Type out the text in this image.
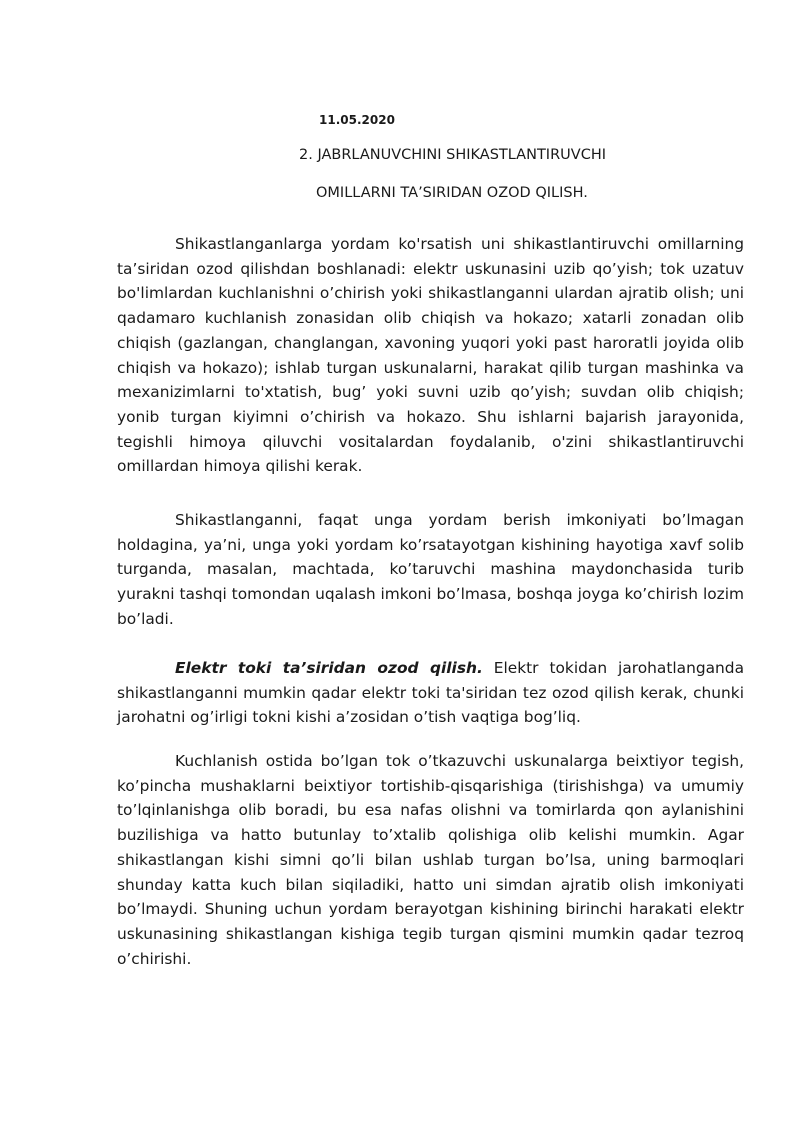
11.05.2020
2. JABRLANUVCHINI SHIKASTLANTIRUVCHI
OMILLARNI TA’SIRIDAN OZOD QILISH.

Shikastlanganlarga yordam ko'rsatish uni shikastlantiruvchi omillarning ta’siridan ozod qilishdan boshlanadi: elektr uskunasini uzib qo’yish; tok uzatuv bo'limlardan kuchlanishni o’chirish yoki shikastlanganni ulardan ajratib olish; uni qadamaro kuchlanish zonasidan olib chiqish va hokazo; xatarli zonadan olib chiqish (gazlangan, changlangan, xavoning yuqori yoki past haroratli joyida olib chiqish va hokazo); ishlab turgan uskunalarni, harakat qilib turgan mashinka va mexanizimlarni to'xtatish, bug’ yoki suvni uzib qo’yish; suvdan olib chiqish; yonib turgan kiyimni o’chirish va hokazo. Shu ishlarni bajarish jarayonida, tegishli himoya qiluvchi vositalardan foydalanib, o'zini shikastlantiruvchi omillardan himoya qilishi kerak.

Shikastlanganni, faqat unga yordam berish imkoniyati bo’lmagan holdagina, ya’ni, unga yoki yordam ko’rsatayotgan kishining hayotiga xavf solib turganda, masalan, machtada, ko’taruvchi mashina maydonchasida turib yurakni tashqi tomondan uqalash imkoni bo’lmasa, boshqa joyga ko’chirish lozim bo’ladi.

Elektr toki ta’siridan ozod qilish. Elektr tokidan jarohatlanganda shikastlanganni mumkin qadar elektr toki ta'siridan tez ozod qilish kerak, chunki jarohatni og’irligi tokni kishi a’zosidan o’tish vaqtiga bog’liq.

Kuchlanish ostida bo’lgan tok o’tkazuvchi uskunalarga beixtiyor tegish, ko’pincha mushaklarni beixtiyor tortishib-qisqarishiga (tirishishga) va umumiy to’lqinlanishga olib boradi, bu esa nafas olishni va tomirlarda qon aylanishini buzilishiga va hatto butunlay to’xtalib qolishiga olib kelishi mumkin. Agar shikastlangan kishi simni qo’li bilan ushlab turgan bo’lsa, uning barmoqlari shunday katta kuch bilan siqiladiki, hatto uni simdan ajratib olish imkoniyati bo’lmaydi. Shuning uchun yordam berayotgan kishining birinchi harakati elektr uskunasining shikastlangan kishiga tegib turgan qismini mumkin qadar tezroq o’chirishi.
